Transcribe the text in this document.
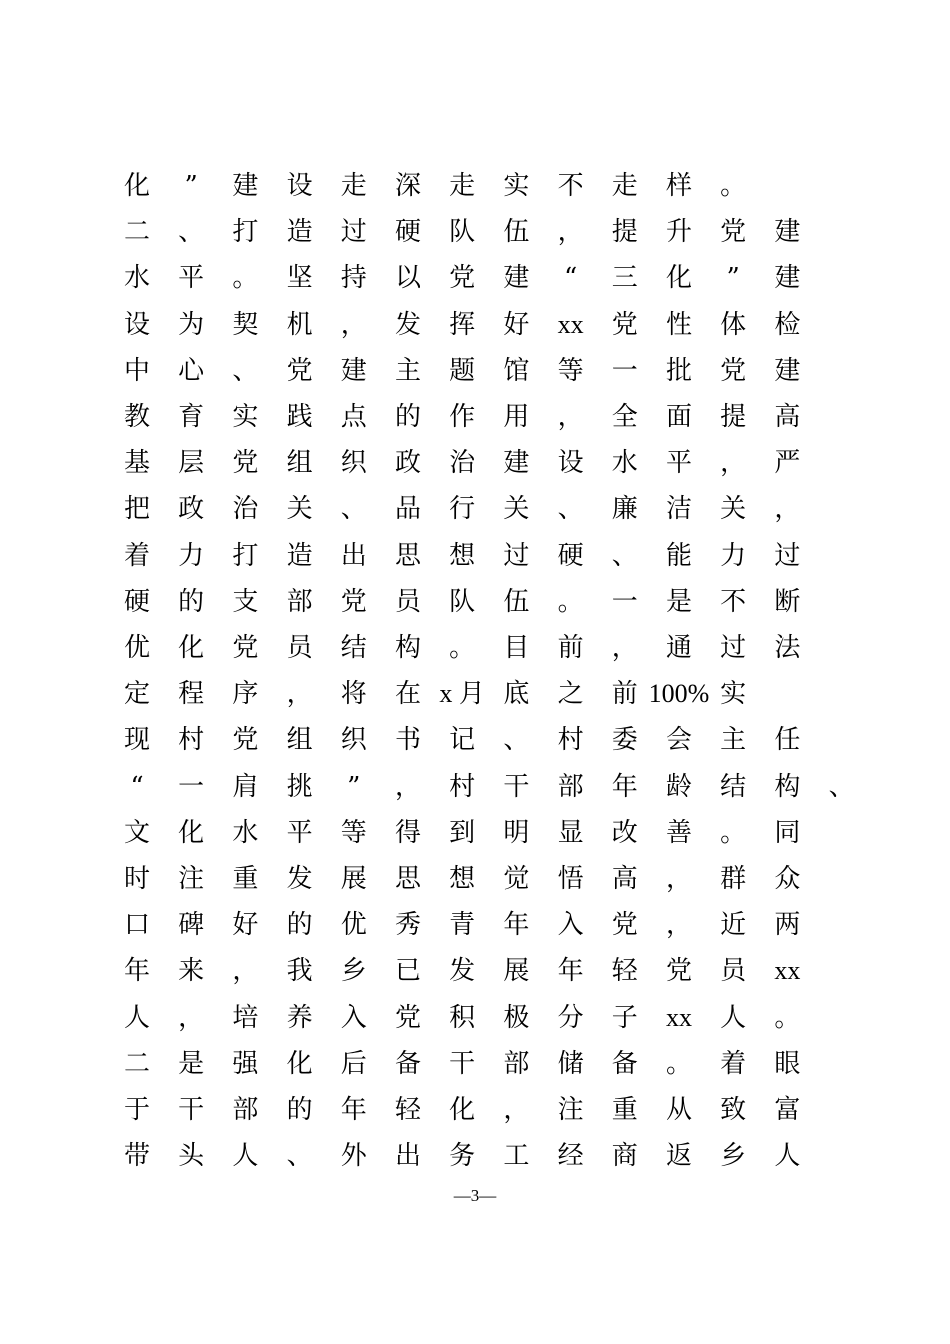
化	”	建	设	走	深	走	实	不	走	样	。
二	、	打	造	过	硬	队	伍	，	提	升	党	建
水	平	。	坚	持	以	党	建	“	三	化	”	建
设	为	契	机	，	发	挥	好	xx	党	性	体	检
中	心	、	党	建	主	题	馆	等	一	批	党	建
教	育	实	践	点	的	作	用	，	全	面	提	高
基	层	党	组	织	政	治	建	设	水	平	，	严
把	政	治	关	、	品	行	关	、	廉	洁	关	，
着	力	打	造	出	思	想	过	硬	、	能	力	过
硬	的	支	部	党	员	队	伍	。	一	是	不	断
优	化	党	员	结	构	。	目	前	，	通	过	法
定	程	序	，	将	在 x 月 底	之	前 100% 实
现	村	党	组	织	书	记	、	村	委	会	主	任
“	一	肩	挑	”	，	村	干	部	年	龄	结	构	、
文	化	水	平	等	得	到	明	显	改	善	。	同
时	注	重	发	展	思	想	觉	悟	高	，	群	众
口	碑	好	的	优	秀	青	年	入	党	，	近	两
年	来	，	我	乡	已	发	展	年	轻	党	员	xx
人	，	培	养	入	党	积	极	分	子	xx	人	。
二	是	强	化	后	备	干	部	储	备	。	着	眼
于	干	部	的	年	轻	化	，	注	重	从	致	富
带	头	人	、	外	出	务	工	经	商	返	乡	人
—3—
